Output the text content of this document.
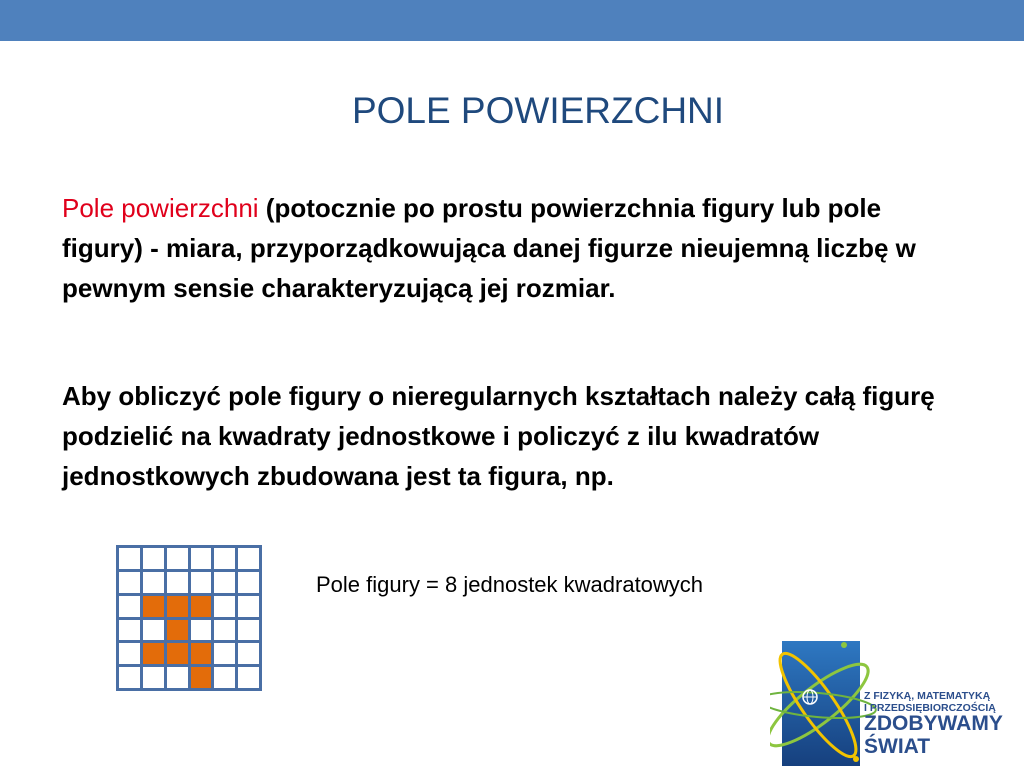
POLE POWIERZCHNI

Pole powierzchni (potocznie po prostu powierzchnia figury lub pole figury) - miara, przyporządkowująca danej figurze nieujemną liczbę w pewnym sensie charakteryzującą jej rozmiar.

Aby obliczyć pole figury o nieregularnych kształtach należy całą figurę podzielić na kwadraty jednostkowe i policzyć z ilu kwadratów jednostkowych zbudowana jest ta figura, np.

Pole figury = 8 jednostek kwadratowych

Z FIZYKĄ, MATEMATYKĄ

I PRZEDSIĘBIORCZOŚCIĄ

ZDOBYWAMY

ŚWIAT
